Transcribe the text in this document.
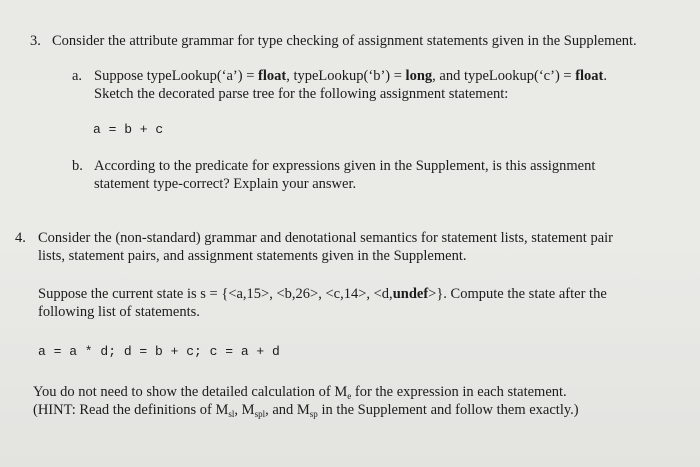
3. Consider the attribute grammar for type checking of assignment statements given in the Supplement.
a. Suppose typeLookup(‘a’) = float, typeLookup(‘b’) = long, and typeLookup(‘c’) = float.
Sketch the decorated parse tree for the following assignment statement:
a = b + c
b. According to the predicate for expressions given in the Supplement, is this assignment
statement type-correct? Explain your answer.
4. Consider the (non-standard) grammar and denotational semantics for statement lists, statement pair
lists, statement pairs, and assignment statements given in the Supplement.
Suppose the current state is s = {<a,15>, <b,26>, <c,14>, <d,undef>}. Compute the state after the
following list of statements.
a = a * d; d = b + c; c = a + d
You do not need to show the detailed calculation of $M_e$ for the expression in each statement.
(HINT: Read the definitions of $M_{sl}$, $M_{spl}$, and $M_{sp}$ in the Supplement and follow them exactly.)
